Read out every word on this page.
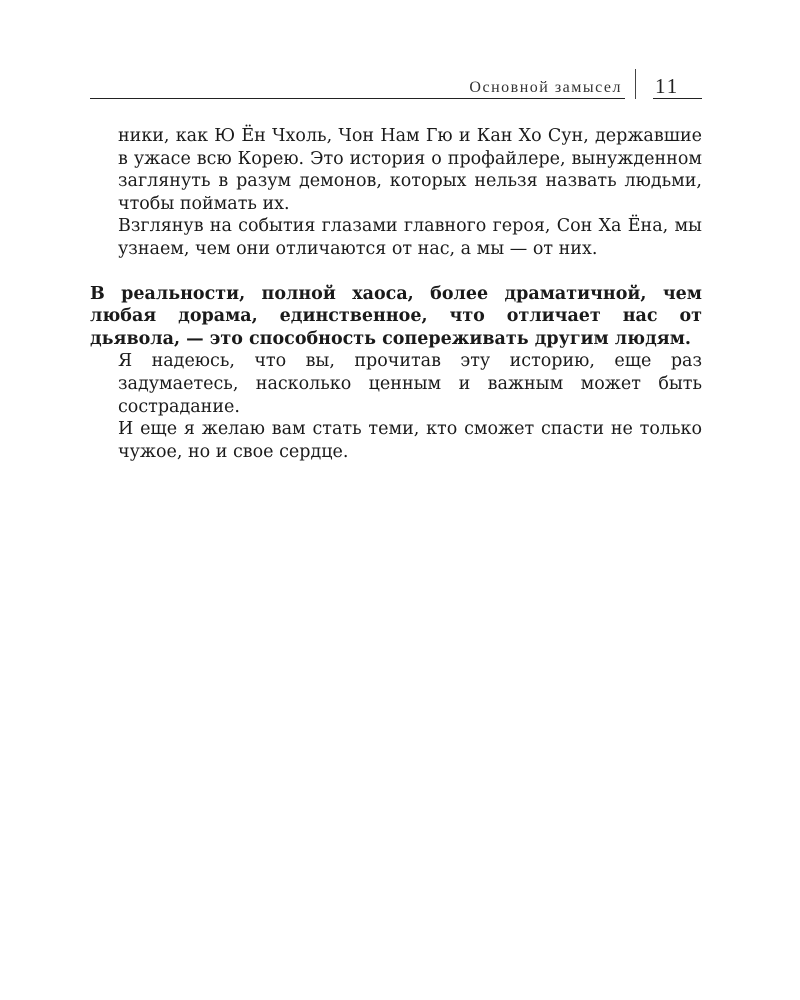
Основной замысел 11

ники, как Ю Ён Чхоль, Чон Нам Гю и Кан Хо Сун, державшие в ужасе всю Корею. Это история о профайлере, вынужденном заглянуть в разум демонов, которых нельзя назвать людьми, чтобы поймать их.

Взглянув на события глазами главного героя, Сон Ха Ёна, мы узнаем, чем они отличаются от нас, а мы — от них.

В реальности, полной хаоса, более драматичной, чем любая дорама, единственное, что отличает нас от дьявола, — это способность сопереживать другим людям.

Я надеюсь, что вы, прочитав эту историю, еще раз задумаетесь, насколько ценным и важным может быть сострадание.

И еще я желаю вам стать теми, кто сможет спасти не только чужое, но и свое сердце.
